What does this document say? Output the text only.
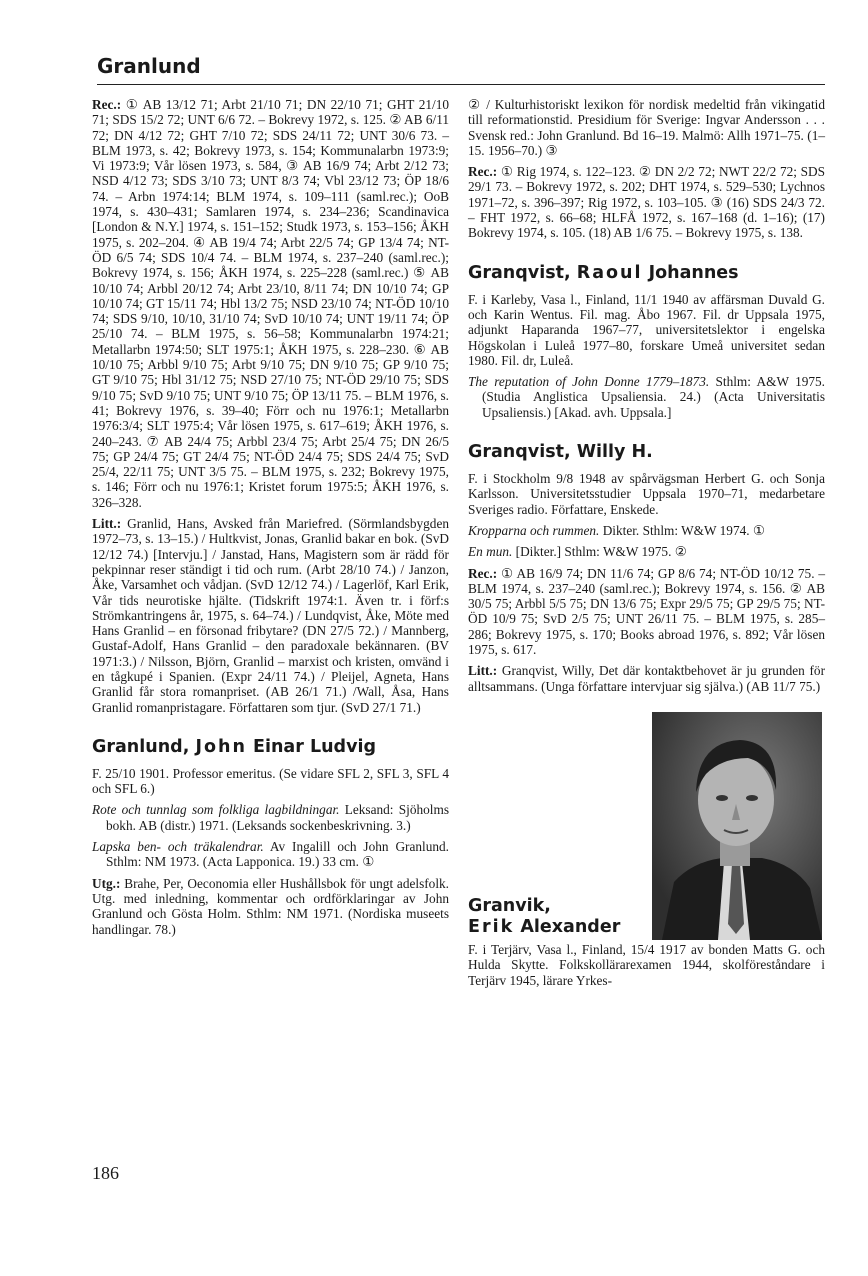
Granlund

Rec.: ① AB 13/12 71; Arbt 21/10 71; DN 22/10 71; GHT 21/10 71; SDS 15/2 72; UNT 6/6 72. – Bokrevy 1972, s. 125. ② AB 6/11 72; DN 4/12 72; GHT 7/10 72; SDS 24/11 72; UNT 30/6 73. – BLM 1973, s. 42; Bokrevy 1973, s. 154; Kommunalarbn 1973:9; Vi 1973:9; Vår lösen 1973, s. 584, ③ AB 16/9 74; Arbt 2/12 73; NSD 4/12 73; SDS 3/10 73; UNT 8/3 74; Vbl 23/12 73; ÖP 18/6 74. – Arbn 1974:14; BLM 1974, s. 109–111 (saml.rec.); OoB 1974, s. 430–431; Samlaren 1974, s. 234–236; Scandinavica [London & N.Y.] 1974, s. 151–152; Studk 1973, s. 153–156; ÅKH 1975, s. 202–204. ④ AB 19/4 74; Arbt 22/5 74; GP 13/4 74; NT-ÖD 6/5 74; SDS 10/4 74. – BLM 1974, s. 237–240 (saml.rec.); Bokrevy 1974, s. 156; ÅKH 1974, s. 225–228 (saml.rec.) ⑤ AB 10/10 74; Arbbl 20/12 74; Arbt 23/10, 8/11 74; DN 10/10 74; GP 10/10 74; GT 15/11 74; Hbl 13/2 75; NSD 23/10 74; NT-ÖD 10/10 74; SDS 9/10, 10/10, 31/10 74; SvD 10/10 74; UNT 19/11 74; ÖP 25/10 74. – BLM 1975, s. 56–58; Kommunalarbn 1974:21; Metallarbn 1974:50; SLT 1975:1; ÅKH 1975, s. 228–230. ⑥ AB 10/10 75; Arbbl 9/10 75; Arbt 9/10 75; DN 9/10 75; GP 9/10 75; GT 9/10 75; Hbl 31/12 75; NSD 27/10 75; NT-ÖD 29/10 75; SDS 9/10 75; SvD 9/10 75; UNT 9/10 75; ÖP 13/11 75. – BLM 1976, s. 41; Bokrevy 1976, s. 39–40; Förr och nu 1976:1; Metallarbn 1976:3/4; SLT 1975:4; Vår lösen 1975, s. 617–619; ÅKH 1976, s. 240–243. ⑦ AB 24/4 75; Arbbl 23/4 75; Arbt 25/4 75; DN 26/5 75; GP 24/4 75; GT 24/4 75; NT-ÖD 24/4 75; SDS 24/4 75; SvD 25/4, 22/11 75; UNT 3/5 75. – BLM 1975, s. 232; Bokrevy 1975, s. 146; Förr och nu 1976:1; Kristet forum 1975:5; ÅKH 1976, s. 326–328.

Litt.: Granlid, Hans, Avsked från Mariefred. (Sörmlandsbygden 1972–73, s. 13–15.) / Hultkvist, Jonas, Granlid bakar en bok. (SvD 12/12 74.) [Intervju.] / Janstad, Hans, Magistern som är rädd för pekpinnar reser ständigt i tid och rum. (Arbt 28/10 74.) / Janzon, Åke, Varsamhet och vådjan. (SvD 12/12 74.) / Lagerlöf, Karl Erik, Vår tids neurotiske hjälte. (Tidskrift 1974:1. Även tr. i förf:s Strömkantringens år, 1975, s. 64–74.) / Lundqvist, Åke, Möte med Hans Granlid – en försonad fribytare? (DN 27/5 72.) / Mannberg, Gustaf-Adolf, Hans Granlid – den paradoxale bekännaren. (BV 1971:3.) / Nilsson, Björn, Granlid – marxist och kristen, omvänd i en tågkupé i Spanien. (Expr 24/11 74.) / Pleijel, Agneta, Hans Granlid får stora romanpriset. (AB 26/1 71.) /Wall, Åsa, Hans Granlid romanpristagare. Författaren som tjur. (SvD 27/1 71.)

Granlund, John Einar Ludvig

F. 25/10 1901. Professor emeritus. (Se vidare SFL 2, SFL 3, SFL 4 och SFL 6.)

Rote och tunnlag som folkliga lagbildningar. Leksand: Sjöholms bokh. AB (distr.) 1971. (Leksands sockenbeskrivning. 3.)

Lapska ben- och träkalendrar. Av Ingalill och John Granlund. Sthlm: NM 1973. (Acta Lapponica. 19.) 33 cm. ①

Utg.: Brahe, Per, Oeconomia eller Hushållsbok för ungt adelsfolk. Utg. med inledning, kommentar och ordförklaringar av John Granlund och Gösta Holm. Sthlm: NM 1971. (Nordiska museets handlingar. 78.)

② / Kulturhistoriskt lexikon för nordisk medeltid från vikingatid till reformationstid. Presidium för Sverige: Ingvar Andersson . . . Svensk red.: John Granlund. Bd 16–19. Malmö: Allh 1971–75. (1–15. 1956–70.) ③

Rec.: ① Rig 1974, s. 122–123. ② DN 2/2 72; NWT 22/2 72; SDS 29/1 73. – Bokrevy 1972, s. 202; DHT 1974, s. 529–530; Lychnos 1971–72, s. 396–397; Rig 1972, s. 103–105. ③ (16) SDS 24/3 72. – FHT 1972, s. 66–68; HLFÅ 1972, s. 167–168 (d. 1–16); (17) Bokrevy 1974, s. 105. (18) AB 1/6 75. – Bokrevy 1975, s. 138.

Granqvist, Raoul Johannes

F. i Karleby, Vasa l., Finland, 11/1 1940 av affärsman Duvald G. och Karin Wentus. Fil. mag. Åbo 1967. Fil. dr Uppsala 1975, adjunkt Haparanda 1967–77, universitetslektor i engelska Högskolan i Luleå 1977–80, forskare Umeå universitet sedan 1980. Fil. dr, Luleå.

The reputation of John Donne 1779–1873. Sthlm: A&W 1975. (Studia Anglistica Upsaliensia. 24.) (Acta Universitatis Upsaliensis.) [Akad. avh. Uppsala.]

Granqvist, Willy H.

F. i Stockholm 9/8 1948 av spårvägsman Herbert G. och Sonja Karlsson. Universitetsstudier Uppsala 1970–71, medarbetare Sveriges radio. Författare, Enskede.

Kropparna och rummen. Dikter. Sthlm: W&W 1974. ①

En mun. [Dikter.] Sthlm: W&W 1975. ②

Rec.: ① AB 16/9 74; DN 11/6 74; GP 8/6 74; NT-ÖD 10/12 75. – BLM 1974, s. 237–240 (saml.rec.); Bokrevy 1974, s. 156. ② AB 30/5 75; Arbbl 5/5 75; DN 13/6 75; Expr 29/5 75; GP 29/5 75; NT-ÖD 10/9 75; SvD 2/5 75; UNT 26/11 75. – BLM 1975, s. 285–286; Bokrevy 1975, s. 170; Books abroad 1976, s. 892; Vår lösen 1975, s. 617.

Litt.: Granqvist, Willy, Det där kontaktbehovet är ju grunden för alltsammans. (Unga författare intervjuar sig själva.) (AB 11/7 75.)

Granvik,
Erik Alexander

F. i Terjärv, Vasa l., Finland, 15/4 1917 av bonden Matts G. och Hulda Skytte. Folkskollärarexamen 1944, skolföreståndare i Terjärv 1945, lärare Yrkes-

186
